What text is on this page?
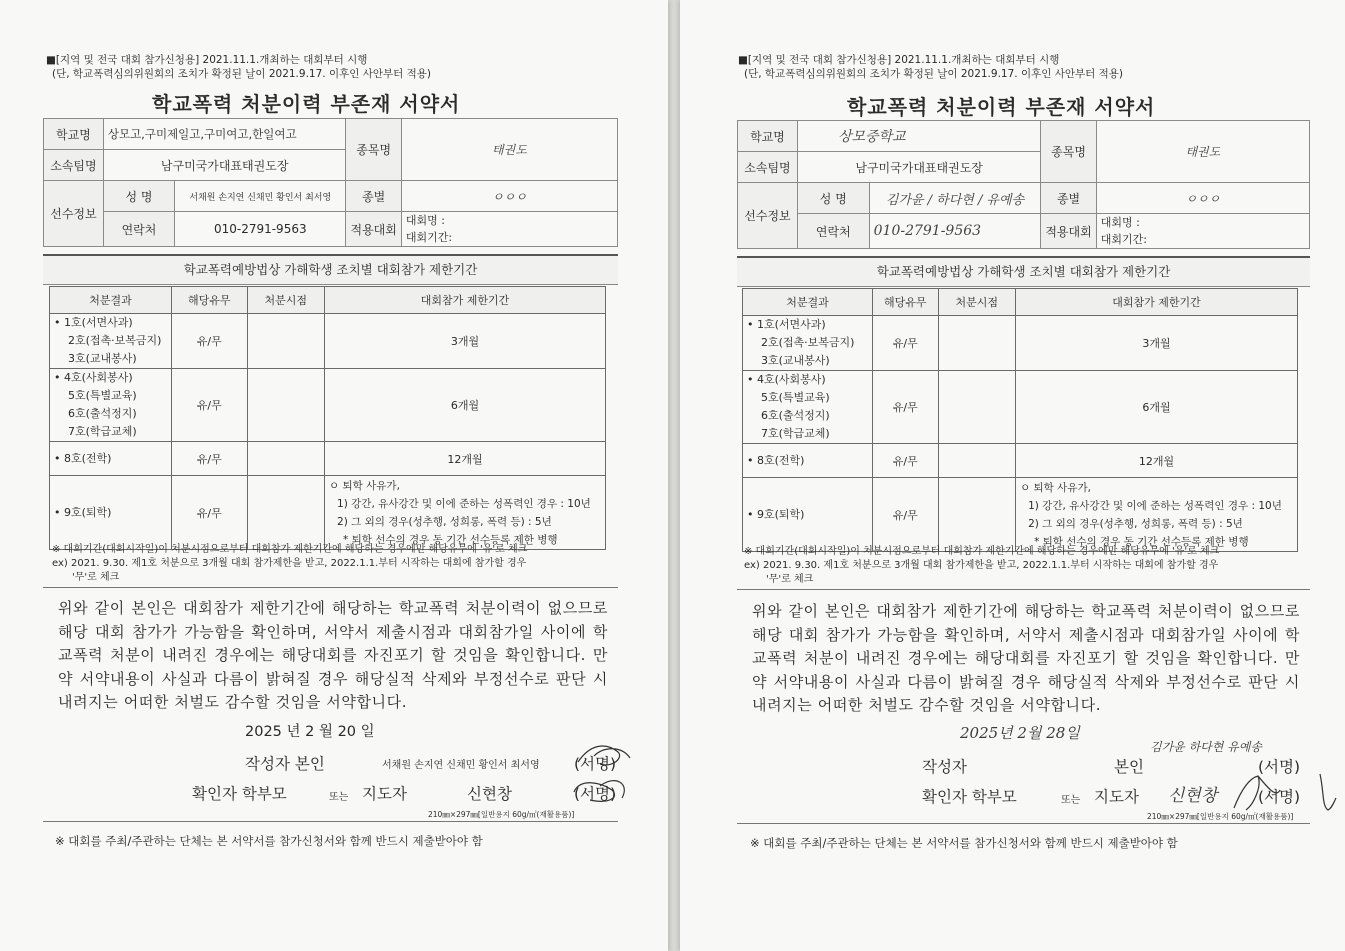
■[지역 및 전국 대회 참가신청용] 2021.11.1.개최하는 대회부터 시행
(단, 학교폭력심의위원회의 조치가 확정된 날이 2021.9.17. 이후인 사안부터 적용)
학교폭력 처분이력 부존재 서약서
학교명	상모고,구미제일고,구미여고,한일여고		종목명	태권도
소속팀명	남구미국가대표태권도장			
선수정보	성 명	서채원 손지연 신채민 황인서 최서영	종별	ㅇㅇㅇ
	연락처	010-2791-9563	적용대회	대회명 :
대회기간:
학교폭력예방법상 가해학생 조치별 대회참가 제한기간
처분결과	해당유무	처분시점	대회참가 제한기간

• 1호(서면사과)
2호(접촉·보복금지)
3호(교내봉사)	유/무		3개월

• 4호(사회봉사)
5호(특별교육)
6호(출석정지)
7호(학급교체)	유/무		6개월

• 8호(전학)	유/무		12개월

• 9호(퇴학)	유/무		ㅇ 퇴학 사유가,
1) 강간, 유사강간 및 이에 준하는 성폭력인 경우 : 10년
2) 그 외의 경우(성추행, 성희롱, 폭력 등) : 5년
* 퇴학 선수의 경우 동 기간 선수등록 제한 병행
※ 대회기간(대회시작일)이 처분시점으로부터 대회참가 제한기간에 해당하는 경우에만 해당유무에 '유'로 체크
ex) 2021. 9.30. 제1호 처분으로 3개월 대회 참가제한을 받고, 2022.1.1.부터 시작하는 대회에 참가할 경우
'무'로 체크
위와 같이 본인은 대회참가 제한기간에 해당하는 학교폭력 처분이력이 없으므로 해당 대회 참가가 가능함을 확인하며, 서약서 제출시점과 대회참가일 사이에 학교폭력 처분이 내려진 경우에는 해당대회를 자진포기 할 것임을 확인합니다. 만약 서약내용이 사실과 다름이 밝혀질 경우 해당실적 삭제와 부정선수로 판단 시 내려지는 어떠한 처벌도 감수할 것임을 서약합니다.
2025 년 2 월 20 일
작성자 본인	서채원 손지연 신채민 황인서 최서영 (서명)
확인자 학부모	또는 지도자	신현창	(서명)
210㎜×297㎜[일반용지 60g/㎡(재활용품)]
※ 대회를 주최/주관하는 단체는 본 서약서를 참가신청서와 함께 반드시 제출받아야 함
■[지역 및 전국 대회 참가신청용] 2021.11.1.개최하는 대회부터 시행
(단, 학교폭력심의위원회의 조치가 확정된 날이 2021.9.17. 이후인 사안부터 적용)
학교폭력 처분이력 부존재 서약서
학교명	상모중학교		종목명	태권도
소속팀명	남구미국가대표태권도장			
선수정보	성 명	김가윤 / 하다현 / 유예송	종별	ㅇㅇㅇ
	연락처	010-2791-9563	적용대회	대회명 :
대회기간:
학교폭력예방법상 가해학생 조치별 대회참가 제한기간
처분결과	해당유무	처분시점	대회참가 제한기간

• 1호(서면사과)
2호(접촉·보복금지)
3호(교내봉사)	유/무		3개월

• 4호(사회봉사)
5호(특별교육)
6호(출석정지)
7호(학급교체)	유/무		6개월

• 8호(전학)	유/무		12개월

• 9호(퇴학)	유/무		ㅇ 퇴학 사유가,
1) 강간, 유사강간 및 이에 준하는 성폭력인 경우 : 10년
2) 그 외의 경우(성추행, 성희롱, 폭력 등) : 5년
* 퇴학 선수의 경우 동 기간 선수등록 제한 병행
※ 대회기간(대회시작일)이 처분시점으로부터 대회참가 제한기간에 해당하는 경우에만 해당유무에 '유'로 체크
ex) 2021. 9.30. 제1호 처분으로 3개월 대회 참가제한을 받고, 2022.1.1.부터 시작하는 대회에 참가할 경우
'무'로 체크
위와 같이 본인은 대회참가 제한기간에 해당하는 학교폭력 처분이력이 없으므로 해당 대회 참가가 가능함을 확인하며, 서약서 제출시점과 대회참가일 사이에 학교폭력 처분이 내려진 경우에는 해당대회를 자진포기 할 것임을 확인합니다. 만약 서약내용이 사실과 다름이 밝혀질 경우 해당실적 삭제와 부정선수로 판단 시 내려지는 어떠한 처벌도 감수할 것임을 서약합니다.
2025년 2월 28일
김가윤 하다현 유예송
작성자	본인	(서명)
확인자 학부모	또는 지도자 신현창	(서명)
210㎜×297㎜[일반용지 60g/㎡(재활용품)]
※ 대회를 주최/주관하는 단체는 본 서약서를 참가신청서와 함께 반드시 제출받아야 함
